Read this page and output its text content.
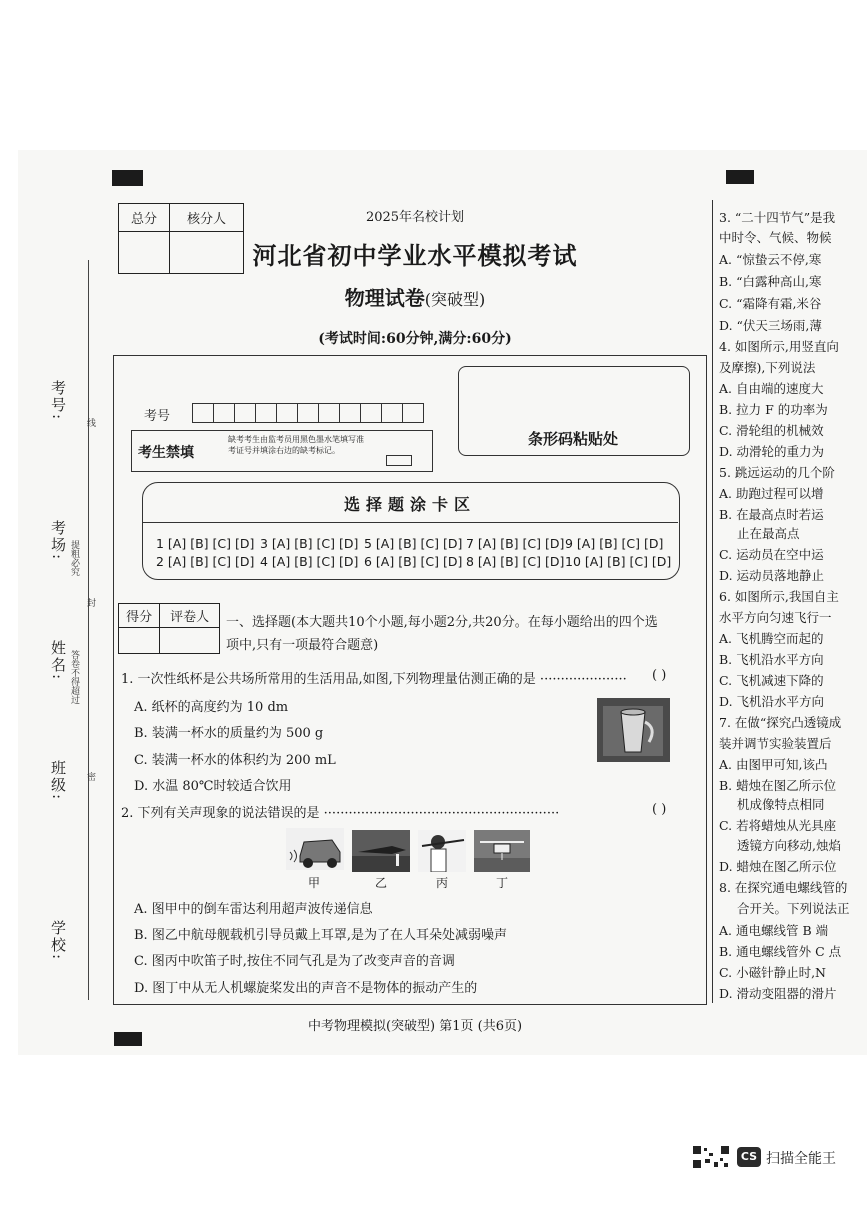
考号:
考场:
姓名:
班级:
学校:
线
提粗必究
封
答卷不得超过
密
总分	核分人
		2025年名校计划
河北省初中学业水平模拟考试
物理试卷(突破型)
(考试时间:60分钟,满分:60分)
考号
考生禁填
缺考考生由监考员用黑色墨水笔填写准考证号并填涂右边的缺考标记。
条形码粘贴处
选择题涂卡区
1 [A] [B] [C] [D] 3 [A] [B] [C] [D] 5 [A] [B] [C] [D] 7 [A] [B] [C] [D] 9 [A] [B] [C] [D]
2 [A] [B] [C] [D] 4 [A] [B] [C] [D] 6 [A] [B] [C] [D] 8 [A] [B] [C] [D] 10 [A] [B] [C] [D]
得分	评卷人
	一、选择题(本大题共10个小题,每小题2分,共20分。在每小题给出的四个选
项中,只有一项最符合题意)
1. 一次性纸杯是公共场所常用的生活用品,如图,下列物理量估测正确的是 ·····················	( )
A. 纸杯的高度约为 10 dm
B. 装满一杯水的质量约为 500 g
C. 装满一杯水的体积约为 200 mL
D. 水温 80℃时较适合饮用
2. 下列有关声现象的说法错误的是 ·························································	( )
甲	乙	丙	丁
A. 图甲中的倒车雷达利用超声波传递信息
B. 图乙中航母舰载机引导员戴上耳罩,是为了在人耳朵处减弱噪声
C. 图丙中吹笛子时,按住不同气孔是为了改变声音的音调
D. 图丁中从无人机螺旋桨发出的声音不是物体的振动产生的
3. “二十四节气”是我
中时令、气候、物候
A. “惊蛰云不停,寒
B. “白露种高山,寒
C. “霜降有霜,米谷
D. “伏天三场雨,薄
4. 如图所示,用竖直向
及摩擦),下列说法
A. 自由端的速度大
B. 拉力 F 的功率为
C. 滑轮组的机械效
D. 动滑轮的重力为
5. 跳远运动的几个阶
A. 助跑过程可以增
B. 在最高点时若运
止在最高点
C. 运动员在空中运
D. 运动员落地静止
6. 如图所示,我国自主
水平方向匀速飞行一
A. 飞机腾空而起的
B. 飞机沿水平方向
C. 飞机减速下降的
D. 飞机沿水平方向
7. 在做“探究凸透镜成
装并调节实验装置后
A. 由图甲可知,该凸
B. 蜡烛在图乙所示位
机成像特点相同
C. 若将蜡烛从光具座
透镜方向移动,烛焰
D. 蜡烛在图乙所示位
8. 在探究通电螺线管的
合开关。下列说法正
A. 通电螺线管 B 端
B. 通电螺线管外 C 点
C. 小磁针静止时,N
D. 滑动变阻器的滑片
中考物理模拟(突破型) 第1页 (共6页)
CS 扫描全能王
